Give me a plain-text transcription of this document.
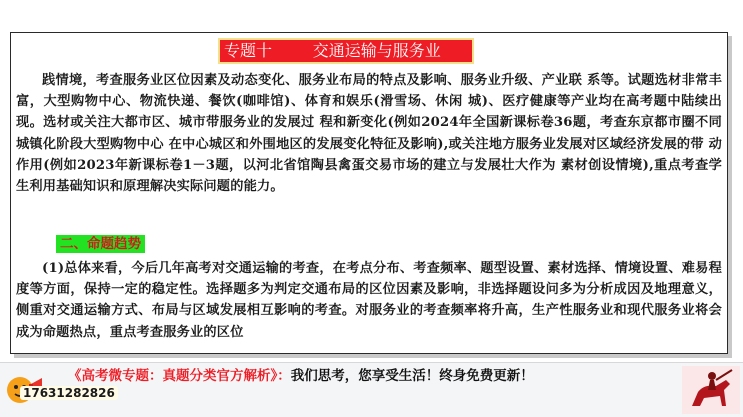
专题十        交通运输与服务业

践情境，考查服务业区位因素及动态变化、服务业布局的特点及影响、服务业升级、产业联 系等。试题选材非常丰富，大型购物中心、物流快递、餐饮(咖啡馆)、体育和娱乐(滑雪场、休闲 城)、医疗健康等产业均在高考题中陆续出现。选材或关注大都市区、城市带服务业的发展过 程和新变化(例如2024年全国新课标卷36题，考查东京都市圈不同城镇化阶段大型购物中心 在中心城区和外围地区的发展变化特征及影响),或关注地方服务业发展对区域经济发展的带 动作用(例如2023年新课标卷1－3题，以河北省馆陶县禽蛋交易市场的建立与发展壮大作为 素材创设情境),重点考查学生利用基础知识和原理解决实际问题的能力。

二、命题趋势

(1)总体来看，今后几年高考对交通运输的考查，在考点分布、考查频率、题型设置、素材选择、情境设置、难易程度等方面，保持一定的稳定性。选择题多为判定交通布局的区位因素及影响，非选择题设问多为分析成因及地理意义，侧重对交通运输方式、布局与区域发展相互影响的考查。对服务业的考查频率将升高，生产性服务业和现代服务业将会成为命题热点，重点考查服务业的区位

《高考微专题：真题分类官方解析》：我们思考，您享受生活！终身免费更新！
17631282826
